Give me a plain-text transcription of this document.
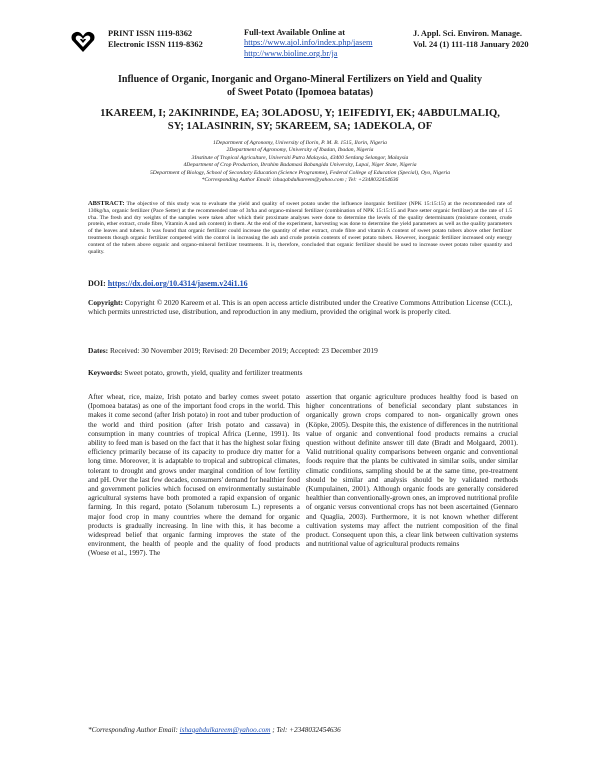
PRINT ISSN 1119-8362
Electronic ISSN 1119-8362
Full-text Available Online at
https://www.ajol.info/index.php/jasem
http://www.bioline.org.br/ja
J. Appl. Sci. Environ. Manage.
Vol. 24 (1) 111-118 January 2020
Influence of Organic, Inorganic and Organo-Mineral Fertilizers on Yield and Quality
of Sweet Potato (Ipomoea batatas)
1KAREEM, I; 2AKINRINDE, EA; 3OLADOSU, Y; 1EIFEDIYI, EK; 4ABDULMALIQ,
SY; 1ALASINRIN, SY; 5KAREEM, SA; 1ADEKOLA, OF
1Department of Agronomy, University of Ilorin, P. M. B. 1515, Ilorin, Nigeria
2Department of Agronomy, University of Ibadan, Ibadan, Nigeria
3Institute of Tropical Agriculture, Universiti Putra Malaysia, 43400 Serdang Selangor, Malaysia
4Department of Crop Production, Ibrahim Badamasi Babangida University, Lapai, Niger State, Nigeria
5Department of Biology, School of Secondary Education (Science Programme), Federal College of Education (Special), Oyo, Nigeria
*Corresponding Author Email: ishaqabdulkareem@yahoo.com ; Tel: +2348032454636
ABSTRACT: The objective of this study was to evaluate the yield and quality of sweet potato under the influence inorganic fertilizer (NPK 15:15:15) at the recommended rate of 130kg/ha, organic fertilizer (Pace Setter) at the recommended rate of 3t/ha and organo-mineral fertilizer (combination of NPK 15:15:15 and Pace setter organic fertilizer) at the rate of 1.5 t/ha. The fresh and dry weights of the samples were taken after which their proximate analyses were done to determine the levels of the quality determinants (moisture content, crude protein, ether extract, crude fibre, Vitamin A and ash content) in them. At the end of the experiment, harvesting was done to determine the yield parameters as well as the quality parameters of the leaves and tubers. It was found that organic fertilizer could increase the quantity of ether extract, crude fibre and vitamin A content of sweet potato tubers above other fertilizer treatments though organic fertilizer competed with the control in increasing the ash and crude protein contents of sweet potato tubers. However, inorganic fertilizer increased only energy content of the tubers above organic and organo-mineral fertilizer treatments. It is, therefore, concluded that organic fertilizer should be used to increase sweet potato tuber quantity and quality.
DOI: https://dx.doi.org/10.4314/jasem.v24i1.16
Copyright: Copyright © 2020 Kareem et al. This is an open access article distributed under the Creative Commons Attribution License (CCL), which permits unrestricted use, distribution, and reproduction in any medium, provided the original work is properly cited.
Dates: Received: 30 November 2019; Revised: 20 December 2019; Accepted: 23 December 2019
Keywords: Sweet potato, growth, yield, quality and fertilizer treatments
After wheat, rice, maize, Irish potato and barley comes sweet potato (Ipomoea batatas) as one of the important food crops in the world. This makes it come second (after Irish potato) in root and tuber production of the world and third position (after Irish potato and cassava) in consumption in many countries of tropical Africa (Lenne, 1991). Its ability to feed man is based on the fact that it has the highest solar fixing efficiency primarily because of its capacity to produce dry matter for a long time. Moreover, it is adaptable to tropical and subtropical climates, tolerant to drought and grows under marginal condition of low fertility and pH. Over the last few decades, consumers' demand for healthier food and government policies which focused on environmentally sustainable agricultural systems have both promoted a rapid expansion of organic farming. In this regard, potato (Solanum tuberosum L.) represents a major food crop in many countries where the demand for organic products is gradually increasing. In line with this, it has become a widespread belief that organic farming improves the state of the environment, the health of people and the quality of food products (Woese et al., 1997). The
assertion that organic agriculture produces healthy food is based on higher concentrations of beneficial secondary plant substances in organically grown crops compared to non- organically grown ones (Köpke, 2005). Despite this, the existence of differences in the nutritional value of organic and conventional food products remains a crucial question without definite answer till date (Bradt and Molgaard, 2001). Valid nutritional quality comparisons between organic and conventional foods require that the plants be cultivated in similar soils, under similar climatic conditions, sampling should be at the same time, pre-treatment should be similar and analysis should be by validated methods (Kumpulainen, 2001). Although organic foods are generally considered healthier than conventionally-grown ones, an improved nutritional profile of organic versus conventional crops has not been ascertained (Gennaro and Quaglia, 2003). Furthermore, it is not known whether different cultivation systems may affect the nutrient composition of the final product. Consequent upon this, a clear link between cultivation systems and nutritional value of agricultural products remains
*Corresponding Author Email: ishaqabdulkareem@yahoo.com ; Tel: +2348032454636
